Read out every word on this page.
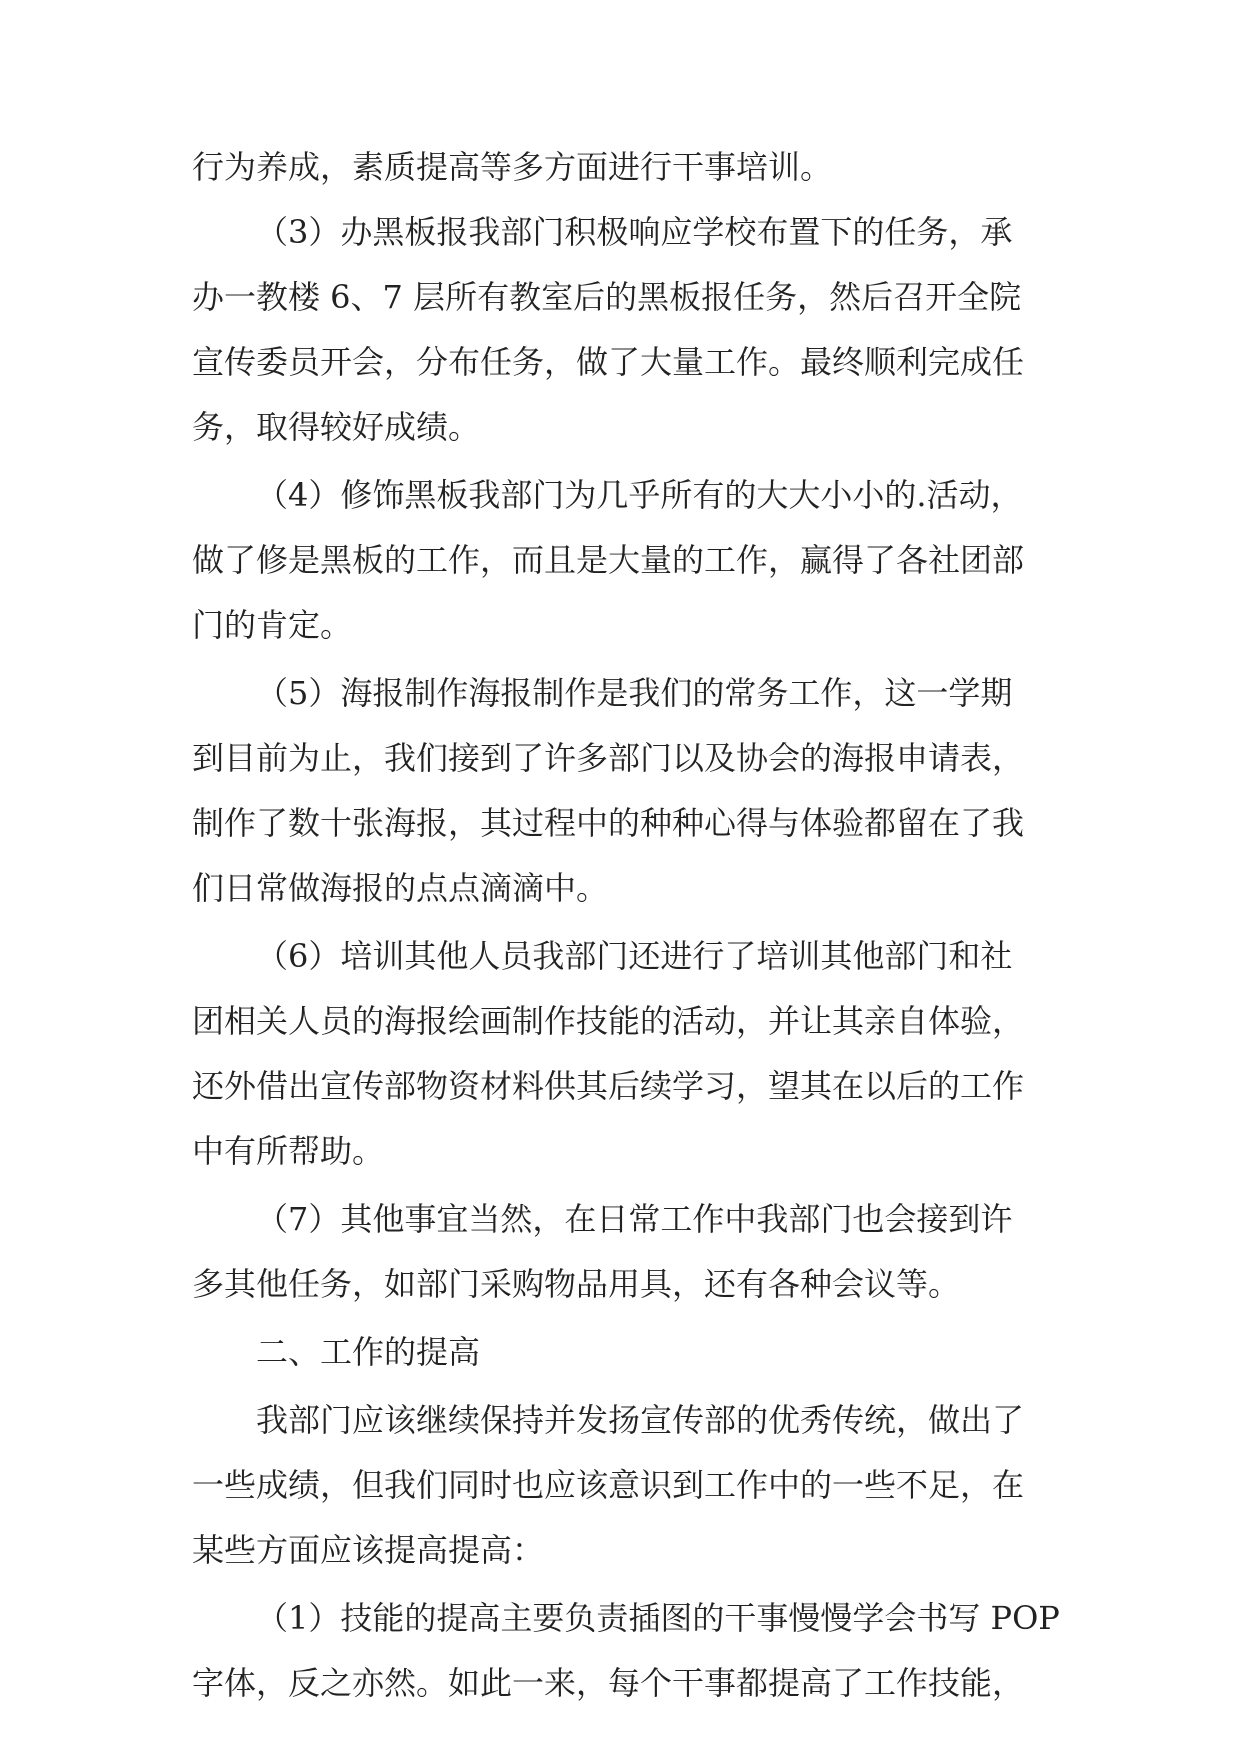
行为养成，素质提高等多方面进行干事培训。
（3）办黑板报我部门积极响应学校布置下的任务，承
办一教楼 6、7 层所有教室后的黑板报任务，然后召开全院
宣传委员开会，分布任务，做了大量工作。最终顺利完成任
务，取得较好成绩。
（4）修饰黑板我部门为几乎所有的大大小小的.活动，
做了修是黑板的工作，而且是大量的工作，赢得了各社团部
门的肯定。
（5）海报制作海报制作是我们的常务工作，这一学期
到目前为止，我们接到了许多部门以及协会的海报申请表，
制作了数十张海报，其过程中的种种心得与体验都留在了我
们日常做海报的点点滴滴中。
（6）培训其他人员我部门还进行了培训其他部门和社
团相关人员的海报绘画制作技能的活动，并让其亲自体验，
还外借出宣传部物资材料供其后续学习，望其在以后的工作
中有所帮助。
（7）其他事宜当然，在日常工作中我部门也会接到许
多其他任务，如部门采购物品用具，还有各种会议等。
二、工作的提高
我部门应该继续保持并发扬宣传部的优秀传统，做出了
一些成绩，但我们同时也应该意识到工作中的一些不足，在
某些方面应该提高提高：
（1）技能的提高主要负责插图的干事慢慢学会书写 POP
字体，反之亦然。如此一来，每个干事都提高了工作技能，
